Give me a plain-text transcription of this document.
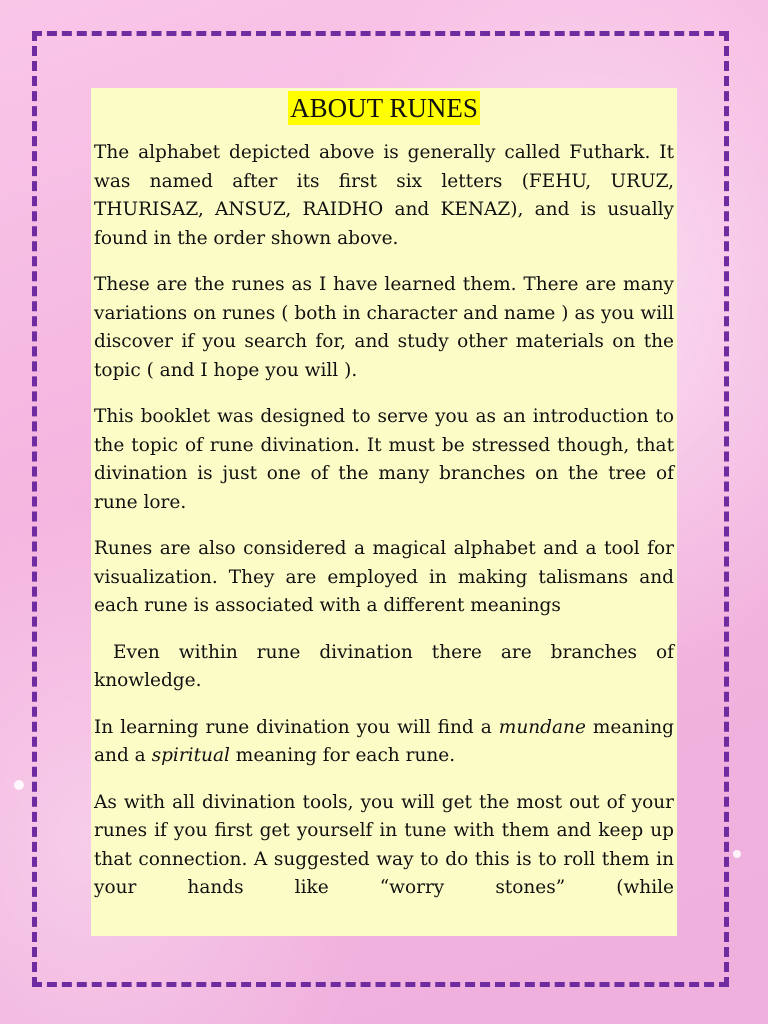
ABOUT RUNES

The alphabet depicted above is generally called Futhark. It was named after its first six letters (FEHU, URUZ, THURISAZ, ANSUZ, RAIDHO and KENAZ), and is usually found in the order shown above.

These are the runes as I have learned them. There are many variations on runes ( both in character and name ) as you will discover if you search for, and study other materials on the topic ( and I hope you will ).

This booklet was designed to serve you as an introduction to the topic of rune divination. It must be stressed though, that divination is just one of the many branches on the tree of rune lore.

Runes are also considered a magical alphabet and a tool for visualization. They are employed in making talismans and each rune is associated with a different meanings

Even within rune divination there are branches of knowledge.

In learning rune divination you will find a mundane meaning and a spiritual meaning for each rune.

As with all divination tools, you will get the most out of your runes if you first get yourself in tune with them and keep up that connection. A suggested way to do this is to roll them in your hands like “worry stones” (while
